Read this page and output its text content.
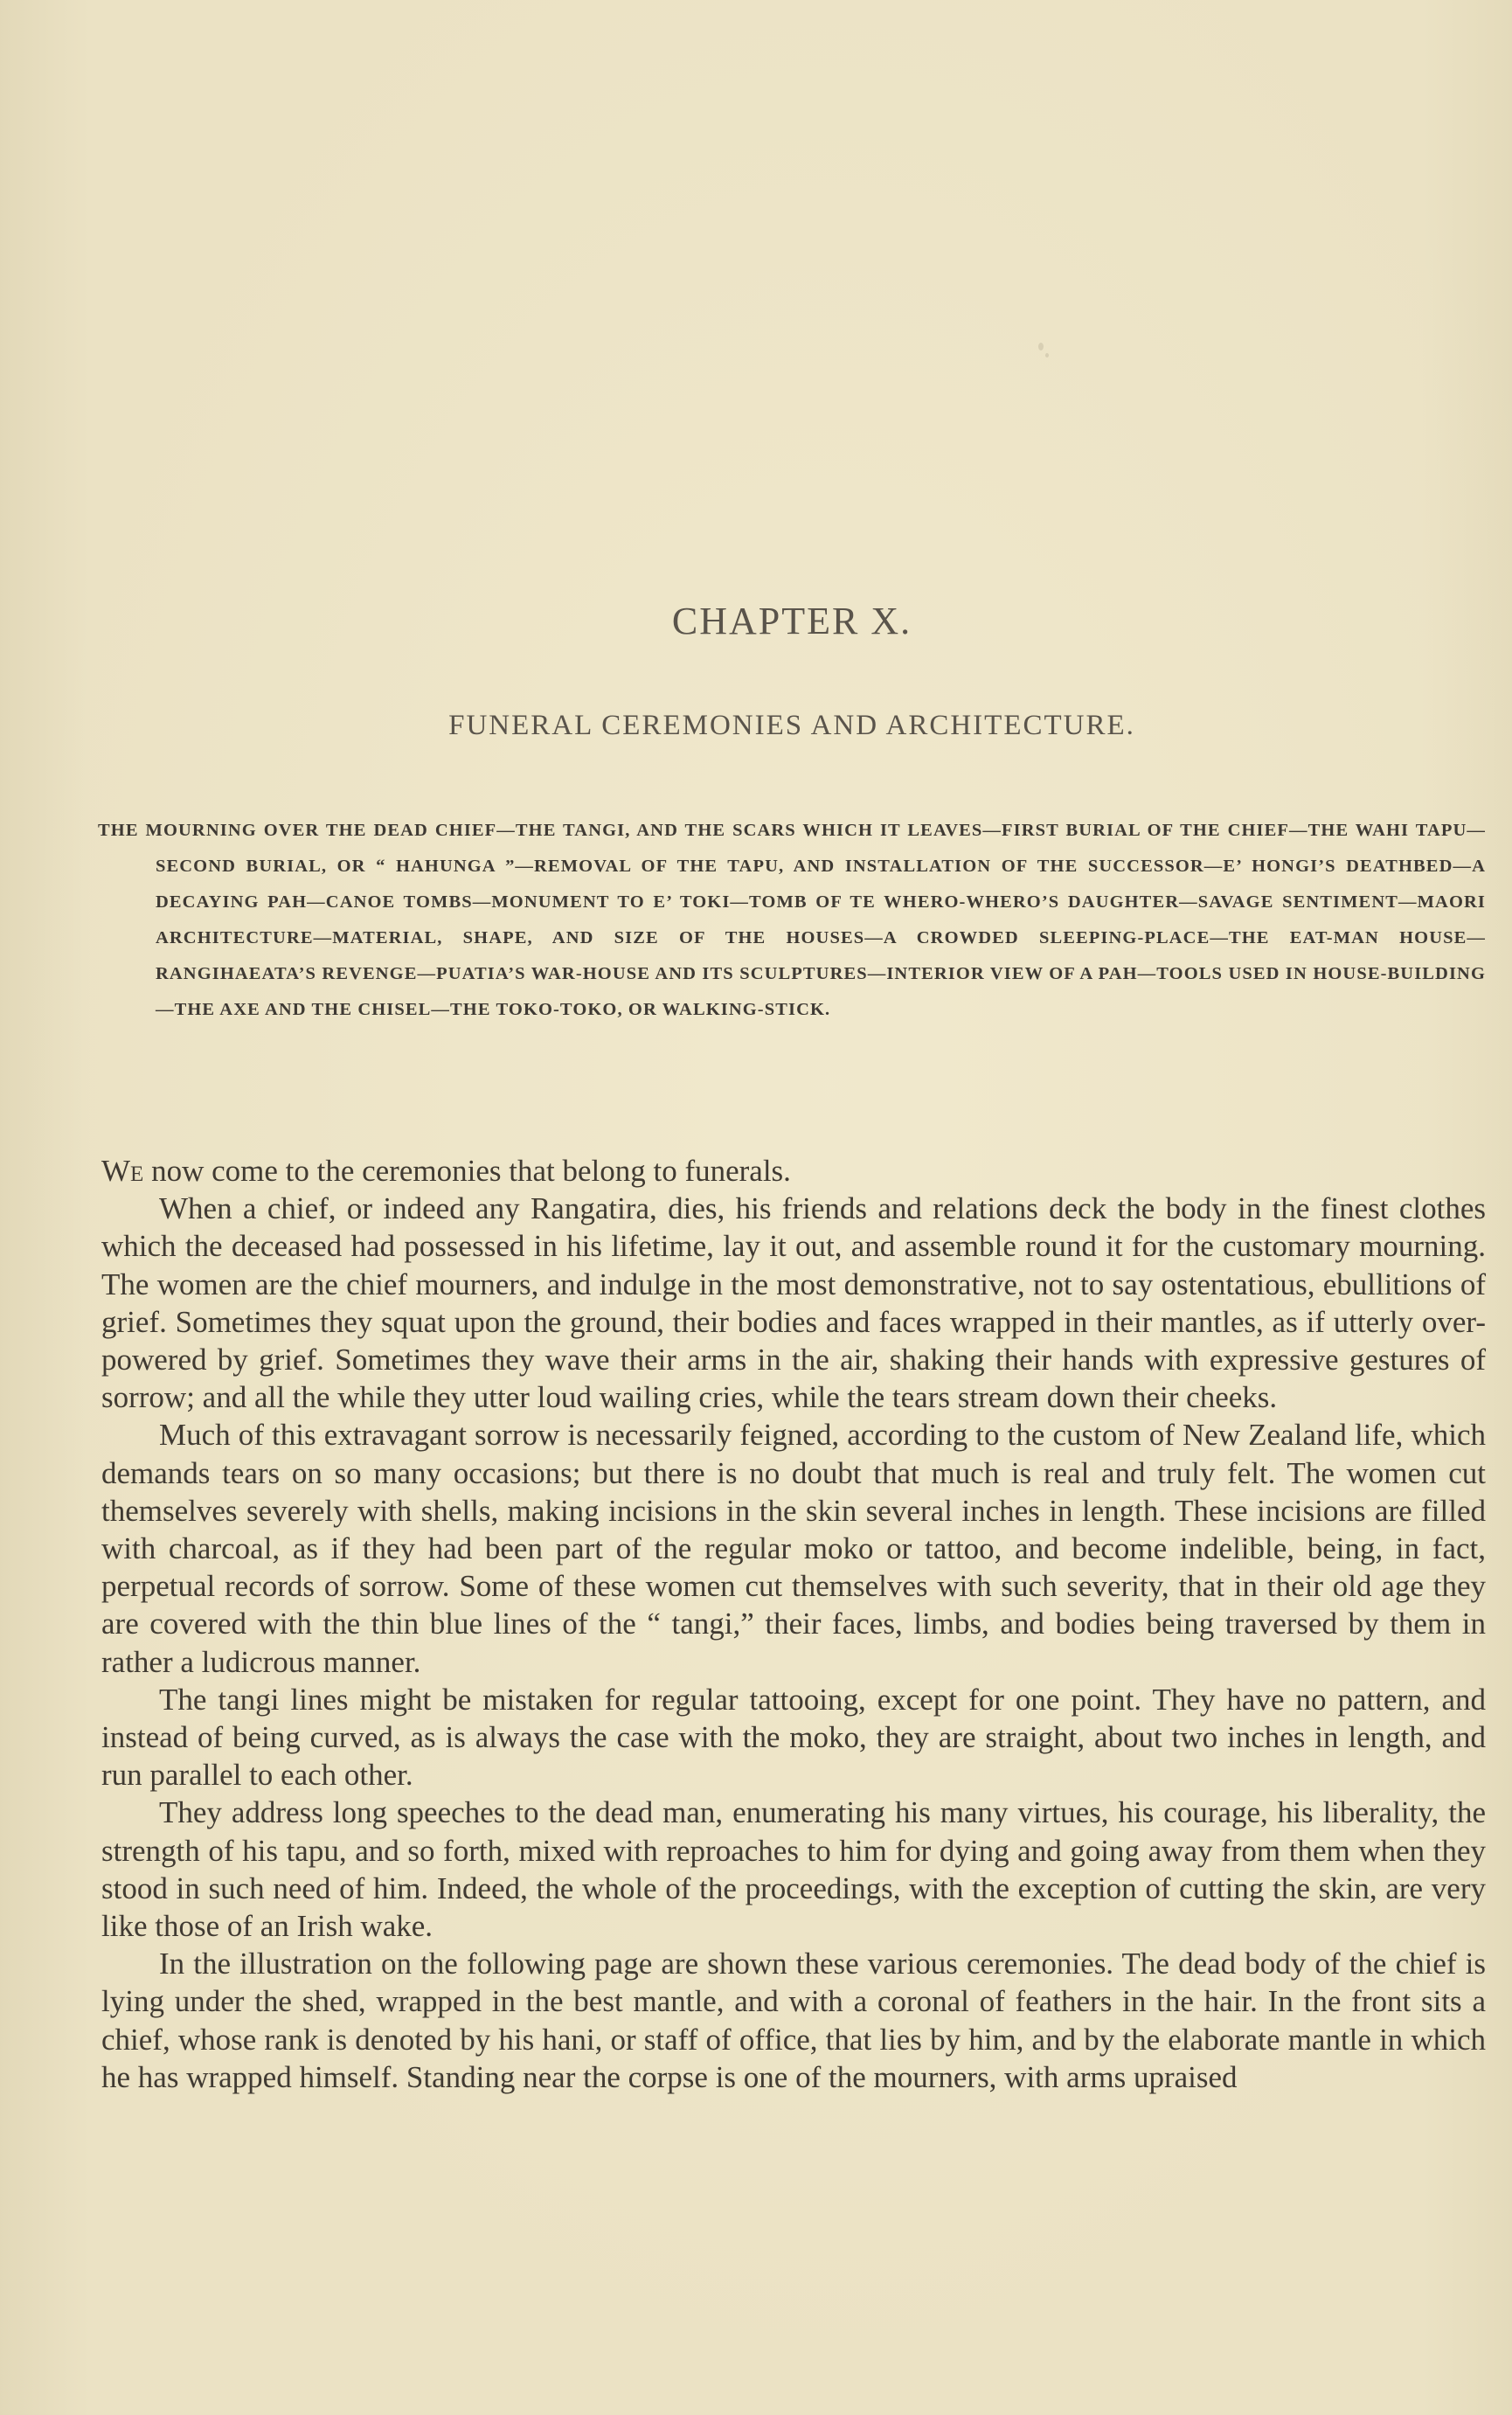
CHAPTER X.
FUNERAL CEREMONIES AND ARCHITECTURE.

THE MOURNING OVER THE DEAD CHIEF—THE TANGI, AND THE SCARS WHICH IT LEAVES—FIRST BURIAL OF THE CHIEF—THE WAHI TAPU—SECOND BURIAL, OR “ HAHUNGA ”—REMOVAL OF THE TAPU, AND INSTALLATION OF THE SUCCESSOR—E’ HONGI’S DEATHBED—A DECAYING PAH—CANOE TOMBS—MONUMENT TO E’ TOKI—TOMB OF TE WHERO-WHERO’S DAUGHTER—SAVAGE SENTIMENT—MAORI ARCHITECTURE—MATERIAL, SHAPE, AND SIZE OF THE HOUSES—A CROWDED SLEEPING-PLACE—THE EAT-MAN HOUSE—RANGIHAEATA’S REVENGE—PUATIA’S WAR-HOUSE AND ITS SCULPTURES—INTERIOR VIEW OF A PAH—TOOLS USED IN HOUSE-BUILDING—THE AXE AND THE CHISEL—THE TOKO-TOKO, OR WALKING-STICK.

We now come to the ceremonies that belong to funerals.

When a chief, or indeed any Rangatira, dies, his friends and relations deck the body in the finest clothes which the deceased had possessed in his lifetime, lay it out, and assemble round it for the customary mourning. The women are the chief mourners, and indulge in the most demonstrative, not to say ostentatious, ebullitions of grief. Sometimes they squat upon the ground, their bodies and faces wrapped in their mantles, as if utterly over-powered by grief. Sometimes they wave their arms in the air, shaking their hands with expressive gestures of sorrow; and all the while they utter loud wailing cries, while the tears stream down their cheeks.

Much of this extravagant sorrow is necessarily feigned, according to the custom of New Zealand life, which demands tears on so many occasions; but there is no doubt that much is real and truly felt. The women cut themselves severely with shells, making incisions in the skin several inches in length. These incisions are filled with charcoal, as if they had been part of the regular moko or tattoo, and become indelible, being, in fact, perpetual records of sorrow. Some of these women cut themselves with such severity, that in their old age they are covered with the thin blue lines of the “ tangi,” their faces, limbs, and bodies being traversed by them in rather a ludicrous manner.

The tangi lines might be mistaken for regular tattooing, except for one point. They have no pattern, and instead of being curved, as is always the case with the moko, they are straight, about two inches in length, and run parallel to each other.

They address long speeches to the dead man, enumerating his many virtues, his courage, his liberality, the strength of his tapu, and so forth, mixed with reproaches to him for dying and going away from them when they stood in such need of him. Indeed, the whole of the proceedings, with the exception of cutting the skin, are very like those of an Irish wake.

In the illustration on the following page are shown these various ceremonies. The dead body of the chief is lying under the shed, wrapped in the best mantle, and with a coronal of feathers in the hair. In the front sits a chief, whose rank is denoted by his hani, or staff of office, that lies by him, and by the elaborate mantle in which he has wrapped himself. Standing near the corpse is one of the mourners, with arms upraised
